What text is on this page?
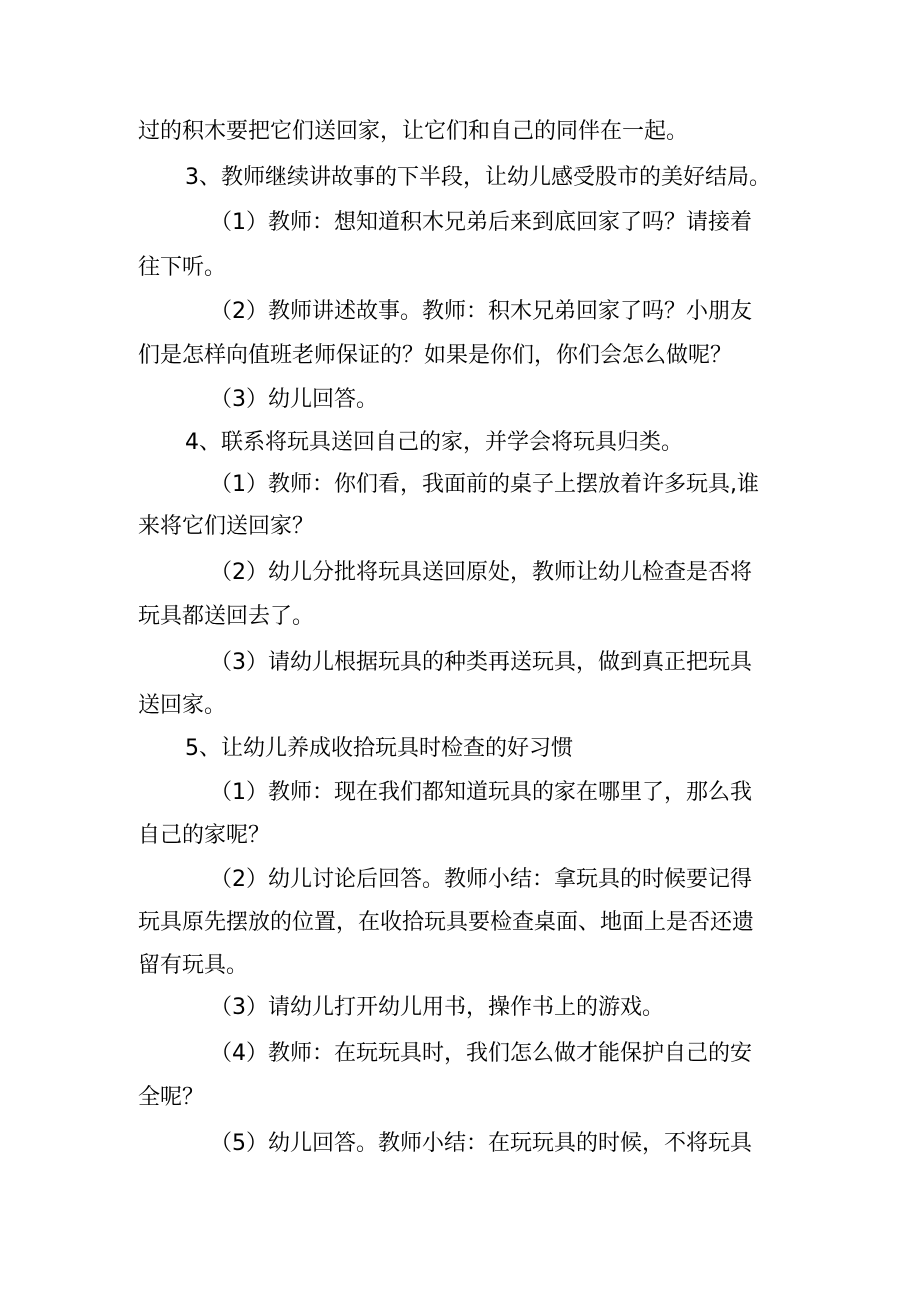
过的积木要把它们送回家，让它们和自己的同伴在一起。
3、教师继续讲故事的下半段，让幼儿感受股市的美好结局。
（1）教师：想知道积木兄弟后来到底回家了吗？请接着
往下听。
（2）教师讲述故事。教师：积木兄弟回家了吗？小朋友
们是怎样向值班老师保证的？如果是你们，你们会怎么做呢？
（3）幼儿回答。
4、联系将玩具送回自己的家，并学会将玩具归类。
（1）教师：你们看，我面前的桌子上摆放着许多玩具,谁
来将它们送回家？
（2）幼儿分批将玩具送回原处，教师让幼儿检查是否将
玩具都送回去了。
（3）请幼儿根据玩具的种类再送玩具，做到真正把玩具
送回家。
5、让幼儿养成收拾玩具时检查的好习惯
（1）教师：现在我们都知道玩具的家在哪里了，那么我
自己的家呢？
（2）幼儿讨论后回答。教师小结：拿玩具的时候要记得
玩具原先摆放的位置，在收拾玩具要检查桌面、地面上是否还遗
留有玩具。
（3）请幼儿打开幼儿用书，操作书上的游戏。
（4）教师：在玩玩具时，我们怎么做才能保护自己的安
全呢？
（5）幼儿回答。教师小结：在玩玩具的时候，不将玩具
